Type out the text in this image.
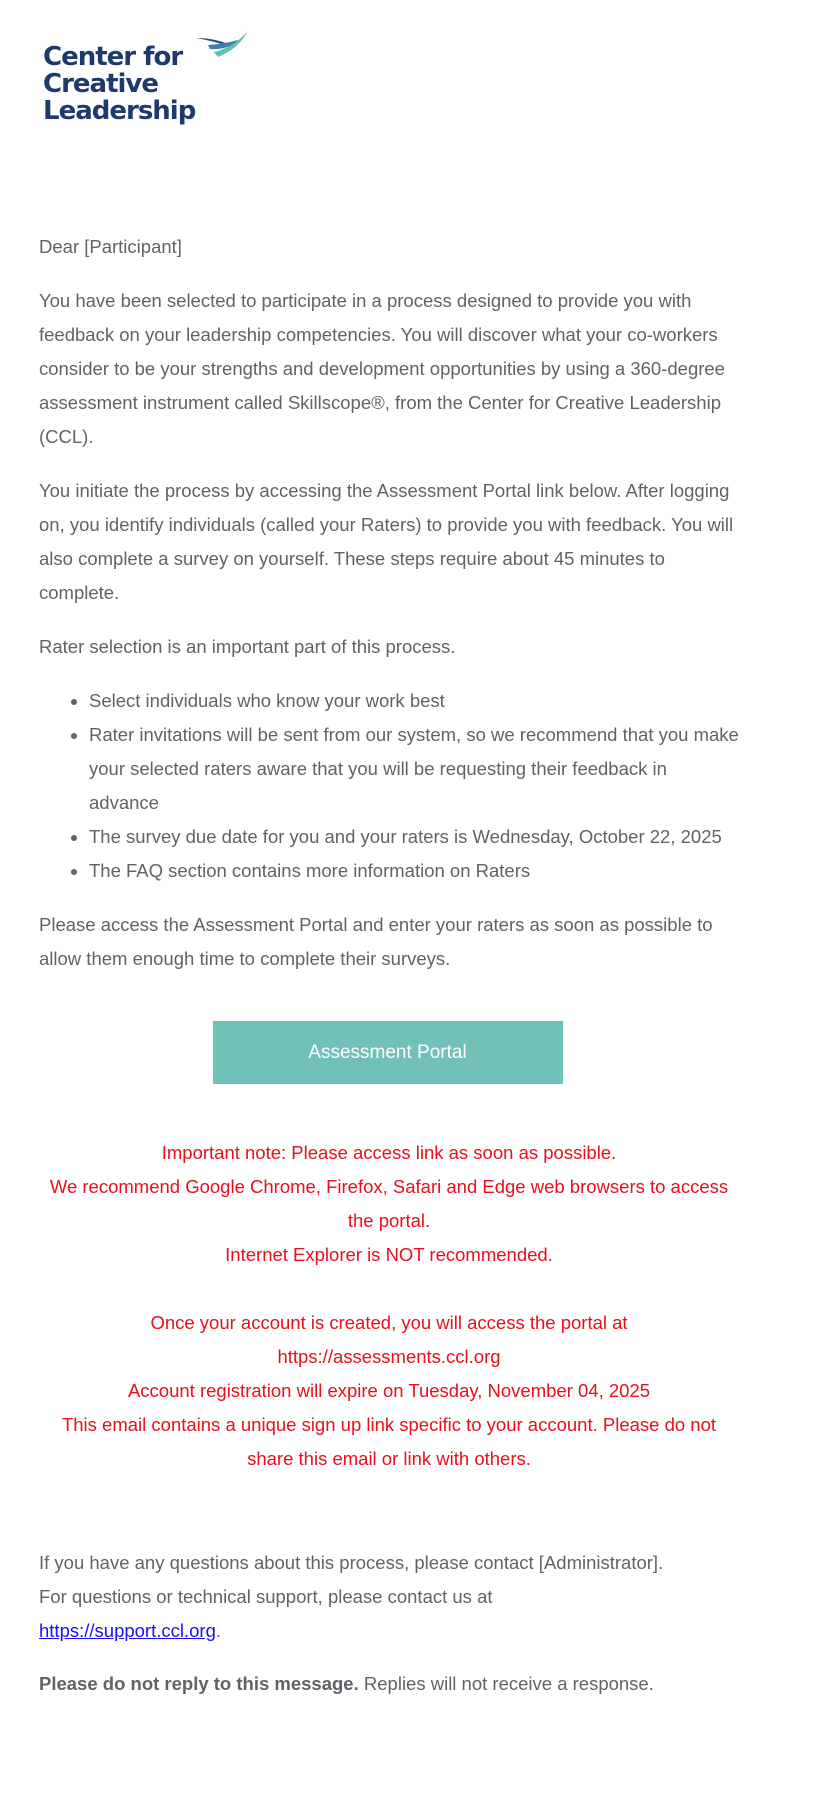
Center for
Creative
Leadership

Dear [Participant]

You have been selected to participate in a process designed to provide you with feedback on your leadership competencies. You will discover what your co-workers consider to be your strengths and development opportunities by using a 360-degree assessment instrument called Skillscope®, from the Center for Creative Leadership (CCL).

You initiate the process by accessing the Assessment Portal link below. After logging on, you identify individuals (called your Raters) to provide you with feedback. You will also complete a survey on yourself. These steps require about 45 minutes to complete.

Rater selection is an important part of this process.

• Select individuals who know your work best
• Rater invitations will be sent from our system, so we recommend that you make your selected raters aware that you will be requesting their feedback in advance
• The survey due date for you and your raters is Wednesday, October 22, 2025
• The FAQ section contains more information on Raters

Please access the Assessment Portal and enter your raters as soon as possible to allow them enough time to complete their surveys.

Assessment Portal
Important note: Please access link as soon as possible.
We recommend Google Chrome, Firefox, Safari and Edge web browsers to access the portal.
Internet Explorer is NOT recommended.
Once your account is created, you will access the portal at https://assessments.ccl.org
Account registration will expire on Tuesday, November 04, 2025
This email contains a unique sign up link specific to your account. Please do not share this email or link with others.

If you have any questions about this process, please contact [Administrator].
For questions or technical support, please contact us at
https://support.ccl.org.

Please do not reply to this message. Replies will not receive a response.
